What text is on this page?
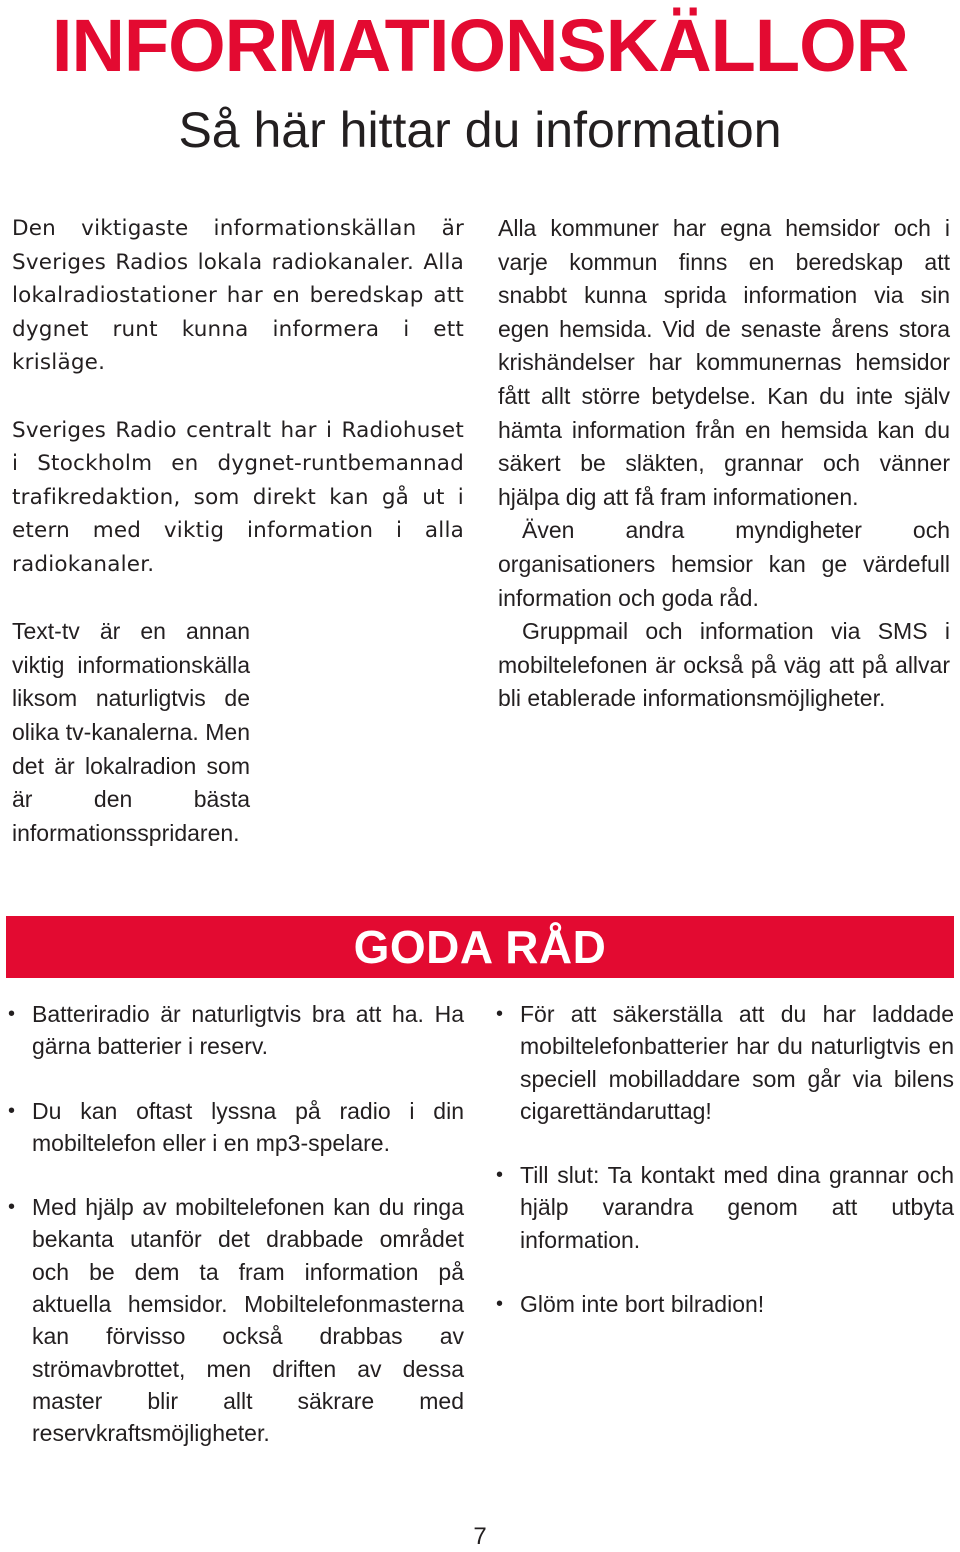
INFORMATIONSKÄLLOR
Så här hittar du information

Den viktigaste informationskällan är Sveriges Radios lokala radiokanaler. Alla lokalradiostationer har en beredskap att dygnet runt kunna informera i ett krisläge.

Sveriges Radio centralt har i Radiohuset i Stockholm en dygnet-runtbemannad trafikredaktion, som direkt kan gå ut i etern med viktig information i alla radiokanaler.

Text-tv är en annan viktig informationskälla liksom naturligtvis de olika tv-kanalerna. Men det är lokalradion som är den bästa informationsspridaren.

Alla kommuner har egna hemsidor och i varje kommun finns en beredskap att snabbt kunna sprida information via sin egen hemsida. Vid de senaste årens stora krishändelser har kommunernas hemsidor fått allt större betydelse. Kan du inte själv hämta information från en hemsida kan du säkert be släkten, grannar och vänner hjälpa dig att få fram informationen.

Även andra myndigheter och organisationers hemsior kan ge värdefull information och goda råd.

Gruppmail och information via SMS i mobiltelefonen är också på väg att på allvar bli etablerade informationsmöjligheter.

GODA RÅD
• Batteriradio är naturligtvis bra att ha. Ha gärna batterier i reserv.
• Du kan oftast lyssna på radio i din mobiltelefon eller i en mp3-spelare.
• Med hjälp av mobiltelefonen kan du ringa bekanta utanför det drabbade området och be dem ta fram information på aktuella hemsidor. Mobiltelefonmasterna kan förvisso också drabbas av strömavbrottet, men driften av dessa master blir allt säkrare med reservkraftsmöjligheter.
• För att säkerställa att du har laddade mobiltelefonbatterier har du naturligtvis en speciell mobilladdare som går via bilens cigarettändaruttag!
• Till slut: Ta kontakt med dina grannar och hjälp varandra genom att utbyta information.
• Glöm inte bort bilradion!
7
